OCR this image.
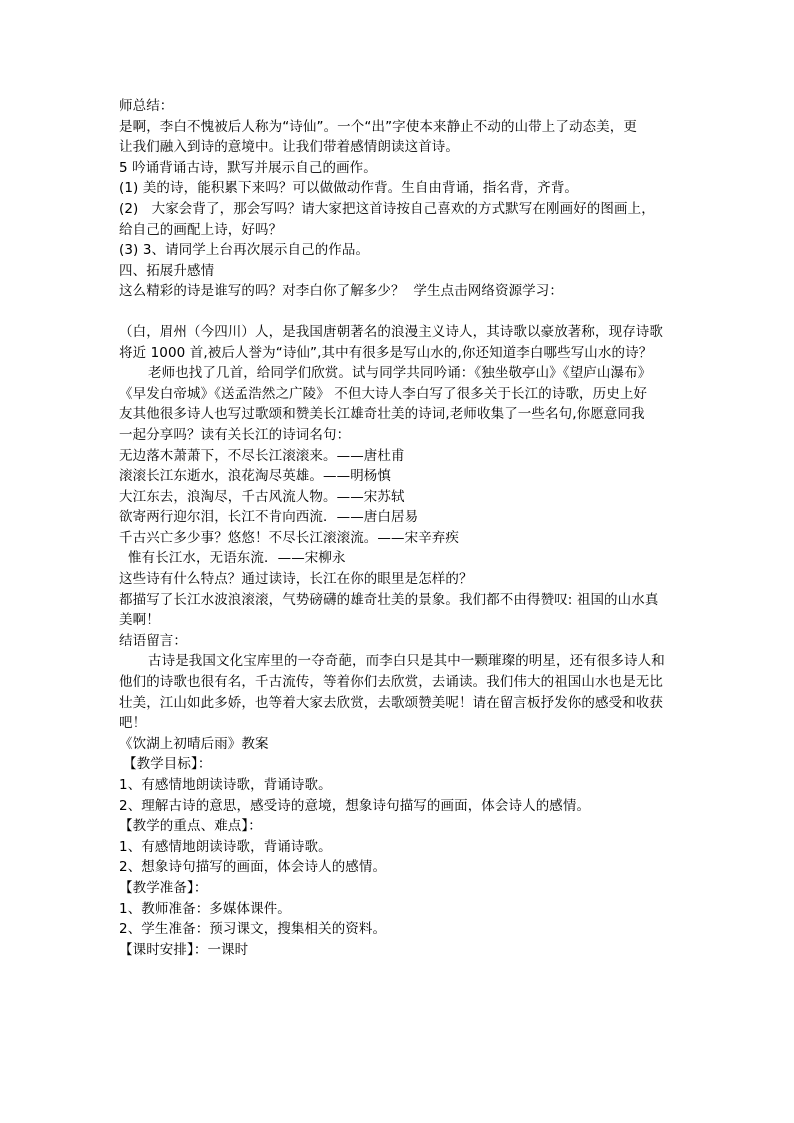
师总结：
是啊，李白不愧被后人称为“诗仙”。一个“出”字使本来静止不动的山带上了动态美，更
让我们融入到诗的意境中。让我们带着感情朗读这首诗。
5 吟诵背诵古诗，默写并展示自己的画作。
(1) 美的诗，能积累下来吗？可以做做动作背。生自由背诵，指名背，齐背。
(2)   大家会背了，那会写吗？请大家把这首诗按自己喜欢的方式默写在刚画好的图画上，
给自己的画配上诗，好吗？
(3) 3、请同学上台再次展示自己的作品。
四、拓展升感情
这么精彩的诗是谁写的吗？对李白你了解多少？  学生点击网络资源学习：
（白，眉州（今四川）人，是我国唐朝著名的浪漫主义诗人，其诗歌以豪放著称，现存诗歌
将近 1000 首,被后人誉为“诗仙”,其中有很多是写山水的,你还知道李白哪些写山水的诗？
老师也找了几首，给同学们欣赏。试与同学共同吟诵：《独坐敬亭山》《望庐山瀑布》
《早发白帝城》《送孟浩然之广陵》 不但大诗人李白写了很多关于长江的诗歌，历史上好
友其他很多诗人也写过歌颂和赞美长江雄奇壮美的诗词,老师收集了一些名句,你愿意同我
一起分享吗？读有关长江的诗词名句：
无边落木萧萧下，不尽长江滚滚来。——唐杜甫
滚滚长江东逝水，浪花淘尽英雄。——明杨慎
大江东去，浪淘尽，千古风流人物。——宋苏轼
欲寄两行迎尔泪，长江不肯向西流．——唐白居易
千古兴亡多少事？悠悠！不尽长江滚滚流。——宋辛弃疾
惟有长江水，无语东流．——宋柳永
这些诗有什么特点？通过读诗，长江在你的眼里是怎样的？
都描写了长江水波浪滚滚，气势磅礴的雄奇壮美的景象。我们都不由得赞叹: 祖国的山水真
美啊！
结语留言：
古诗是我国文化宝库里的一夺奇葩，而李白只是其中一颗璀璨的明星，还有很多诗人和
他们的诗歌也很有名，千古流传，等着你们去欣赏，去诵读。我们伟大的祖国山水也是无比
壮美，江山如此多娇，也等着大家去欣赏，去歌颂赞美呢！请在留言板抒发你的感受和收获
吧！
《饮湖上初晴后雨》教案
【教学目标】：
1、有感情地朗读诗歌，背诵诗歌。
2、理解古诗的意思，感受诗的意境，想象诗句描写的画面，体会诗人的感情。
【教学的重点、难点】：
1、有感情地朗读诗歌，背诵诗歌。
2、想象诗句描写的画面，体会诗人的感情。
【教学准备】：
1、教师准备：多媒体课件。
2、学生准备：预习课文，搜集相关的资料。
【课时安排】：一课时
